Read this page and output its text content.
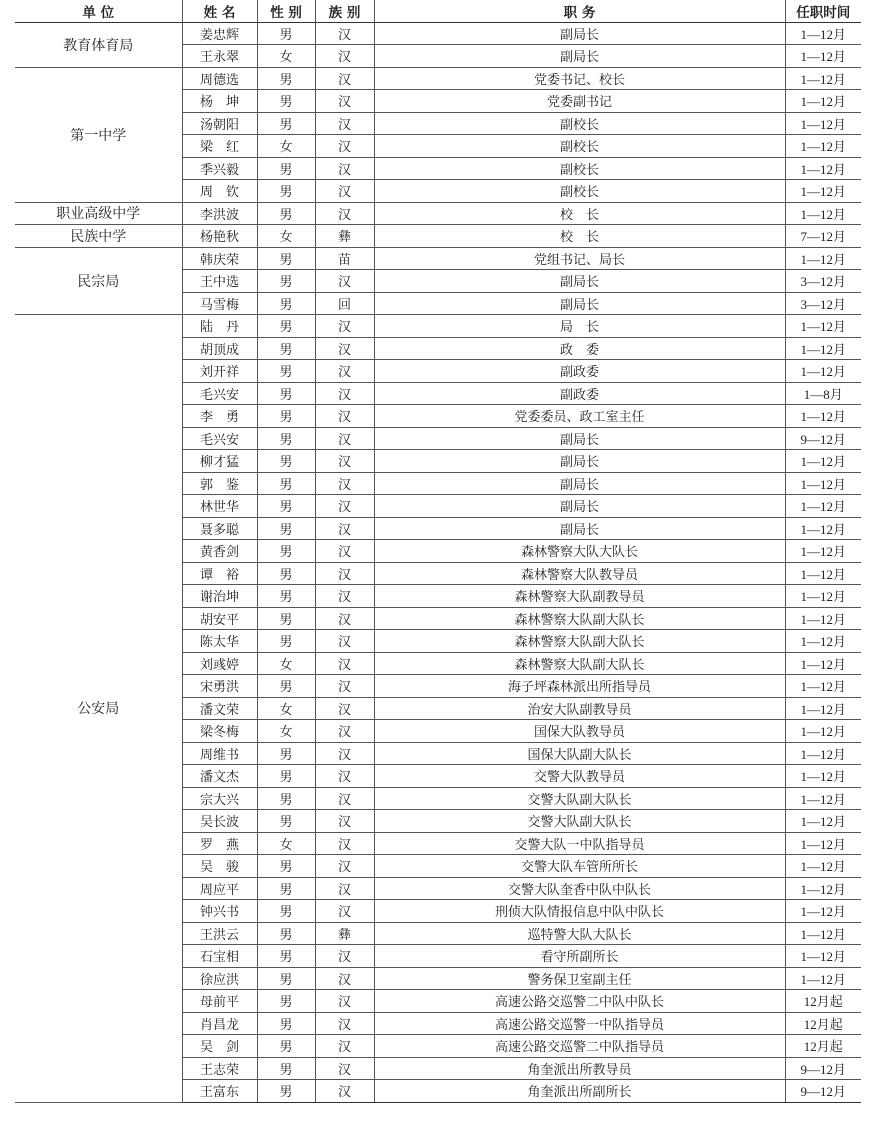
单 位	姓 名	性 别	族 别	职 务	任职时间
教育体育局	姜忠辉	男	汉	副局长	1—12月
	王永翠	女	汉	副局长	1—12月
第一中学	周德选	男	汉	党委书记、校长	1—12月
	杨　坤	男	汉	党委副书记	1—12月
	汤朝阳	男	汉	副校长	1—12月
	梁　红	女	汉	副校长	1—12月
	季兴毅	男	汉	副校长	1—12月
	周　钦	男	汉	副校长	1—12月
职业高级中学	李洪波	男	汉	校　长	1—12月
民族中学	杨艳秋	女	彝	校　长	7—12月
民宗局	韩庆荣	男	苗	党组书记、局长	1—12月
	王中选	男	汉	副局长	3—12月
	马雪梅	男	回	副局长	3—12月
公安局	陆　丹	男	汉	局　长	1—12月
	胡顶成	男	汉	政　委	1—12月
	刘开祥	男	汉	副政委	1—12月
	毛兴安	男	汉	副政委	1—8月
	李　勇	男	汉	党委委员、政工室主任	1—12月
	毛兴安	男	汉	副局长	9—12月
	柳才猛	男	汉	副局长	1—12月
	郭　鉴	男	汉	副局长	1—12月
	林世华	男	汉	副局长	1—12月
	聂多聪	男	汉	副局长	1—12月
	黄香剑	男	汉	森林警察大队大队长	1—12月
	谭　裕	男	汉	森林警察大队教导员	1—12月
	谢治坤	男	汉	森林警察大队副教导员	1—12月
	胡安平	男	汉	森林警察大队副大队长	1—12月
	陈太华	男	汉	森林警察大队副大队长	1—12月
	刘彧婷	女	汉	森林警察大队副大队长	1—12月
	宋勇洪	男	汉	海子坪森林派出所指导员	1—12月
	潘文荣	女	汉	治安大队副教导员	1—12月
	梁冬梅	女	汉	国保大队教导员	1—12月
	周维书	男	汉	国保大队副大队长	1—12月
	潘文杰	男	汉	交警大队教导员	1—12月
	宗大兴	男	汉	交警大队副大队长	1—12月
	吴长波	男	汉	交警大队副大队长	1—12月
	罗　燕	女	汉	交警大队一中队指导员	1—12月
	吴　骏	男	汉	交警大队车管所所长	1—12月
	周应平	男	汉	交警大队奎香中队中队长	1—12月
	钟兴书	男	汉	刑侦大队情报信息中队中队长	1—12月
	王洪云	男	彝	巡特警大队大队长	1—12月
	石宝相	男	汉	看守所副所长	1—12月
	徐应洪	男	汉	警务保卫室副主任	1—12月
	母前平	男	汉	高速公路交巡警二中队中队长	12月起
	肖昌龙	男	汉	高速公路交巡警一中队指导员	12月起
	吴　剑	男	汉	高速公路交巡警二中队指导员	12月起
	王志荣	男	汉	角奎派出所教导员	9—12月
	王富东	男	汉	角奎派出所副所长	9—12月
